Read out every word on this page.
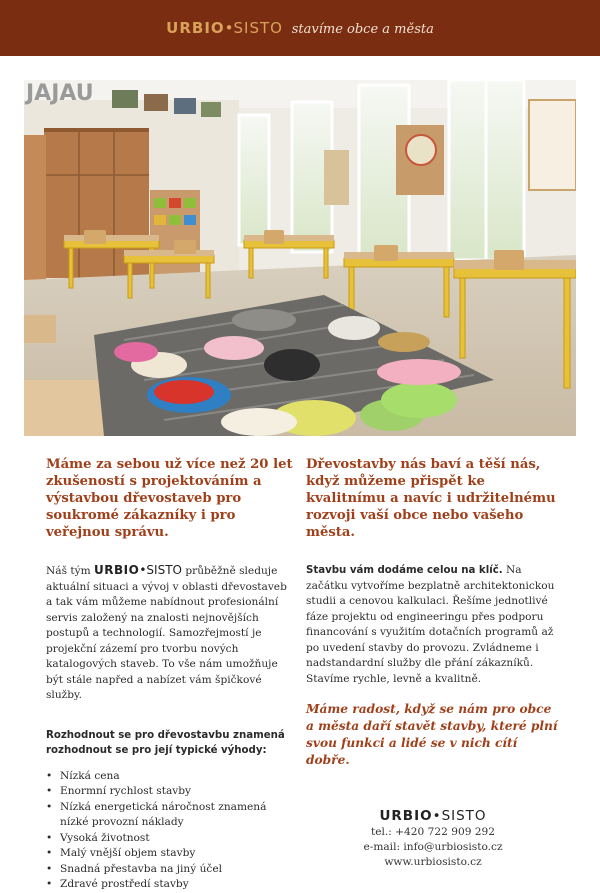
URBIO•SISTO stavíme obce a města
JAJAU

Máme za sebou už více než 20 let zkušeností s projektováním a výstavbou dřevostaveb pro soukromé zákazníky i pro veřejnou správu.

Náš tým URBIO•SISTO průběžně sleduje aktuální situaci a vývoj v oblasti dřevostaveb a tak vám můžeme nabídnout profesionální servis založený na znalosti nejnovějších postupů a technologií. Samozřejmostí je projekční zázemí pro tvorbu nových katalogových staveb. To vše nám umožňuje být stále napřed a nabízet vám špičkové služby.

Rozhodnout se pro dřevostavbu znamená rozhodnout se pro její typické výhody:

• Nízká cena
• Enormní rychlost stavby
• Nízká energetická náročnost znamená nízké provozní náklady
• Vysoká životnost
• Malý vnější objem stavby
• Snadná přestavba na jiný účel
• Zdravé prostředí stavby

Dřevostavby nás baví a těší nás, když můžeme přispět ke kvalitnímu a navíc i udržitelnému rozvoji vaší obce nebo vašeho města.

Stavbu vám dodáme celou na klíč. Na začátku vytvoříme bezplatně architektonickou studii a cenovou kalkulaci. Řešíme jednotlivé fáze projektu od engineeringu přes podporu financování s využitím dotačních programů až po uvedení stavby do provozu. Zvládneme i nadstandardní služby dle přání zákazníků. Stavíme rychle, levně a kvalitně.

Máme radost, když se nám pro obce a města daří stavět stavby, které plní svou funkci a lidé se v nich cítí dobře.

URBIO•SISTO
tel.: +420 722 909 292
e-mail: info@urbiosisto.cz
www.urbiosisto.cz
